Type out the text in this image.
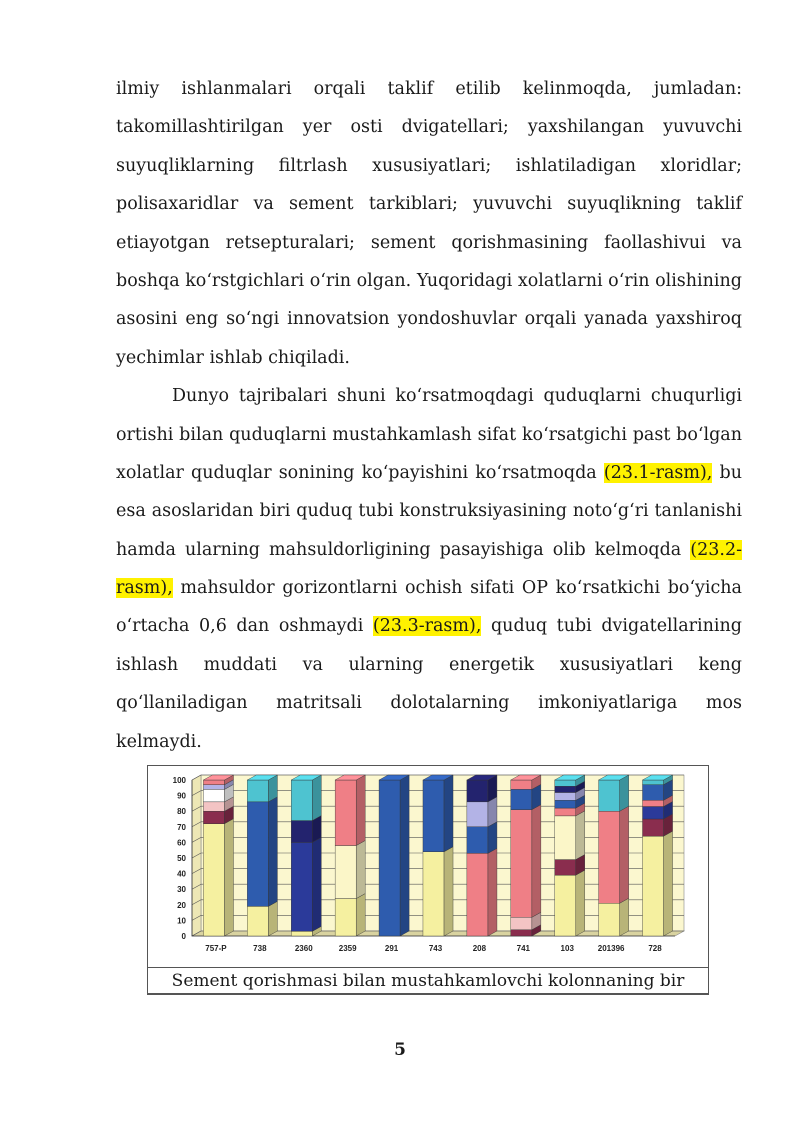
ilmiy ishlanmalari orqali taklif etilib kelinmoqda, jumladan:
takomillashtirilgan yer osti dvigatellari; yaxshilangan yuvuvchi
suyuqliklarning filtrlash xususiyatlari; ishlatiladigan xloridlar;
polisaxaridlar va sement tarkiblari; yuvuvchi suyuqlikning taklif
etiayotgan retsepturalari; sement qorishmasining faollashivui va
boshqa ko‘rstgichlari o‘rin olgan. Yuqoridagi xolatlarni o‘rin olishining
asosini eng so‘ngi innovatsion yondoshuvlar orqali yanada yaxshiroq
yechimlar ishlab chiqiladi.
Dunyo tajribalari shuni ko‘rsatmoqdagi quduqlarni chuqurligi
ortishi bilan quduqlarni mustahkamlash sifat ko‘rsatgichi past bo‘lgan
xolatlar quduqlar sonining ko‘payishini ko‘rsatmoqda (23.1-rasm), bu
esa asoslaridan biri quduq tubi konstruksiyasining noto‘g‘ri tanlanishi
hamda ularning mahsuldorligining pasayishiga olib kelmoqda (23.2-
rasm), mahsuldor gorizontlarni ochish sifati OP ko‘rsatkichi bo‘yicha
o‘rtacha 0,6 dan oshmaydi (23.3-rasm), quduq tubi dvigatellarining
ishlash muddati va ularning energetik xususiyatlari keng
qo‘llaniladigan matritsali dolotalarning imkoniyatlariga mos
kelmaydi.
0
10
20
30
40
50
60
70
80
90
100
757-P	738	2360	2359	291	743	208	741	103	201396	728
Sement qorishmasi bilan mustahkamlovchi kolonnaning bir
5
